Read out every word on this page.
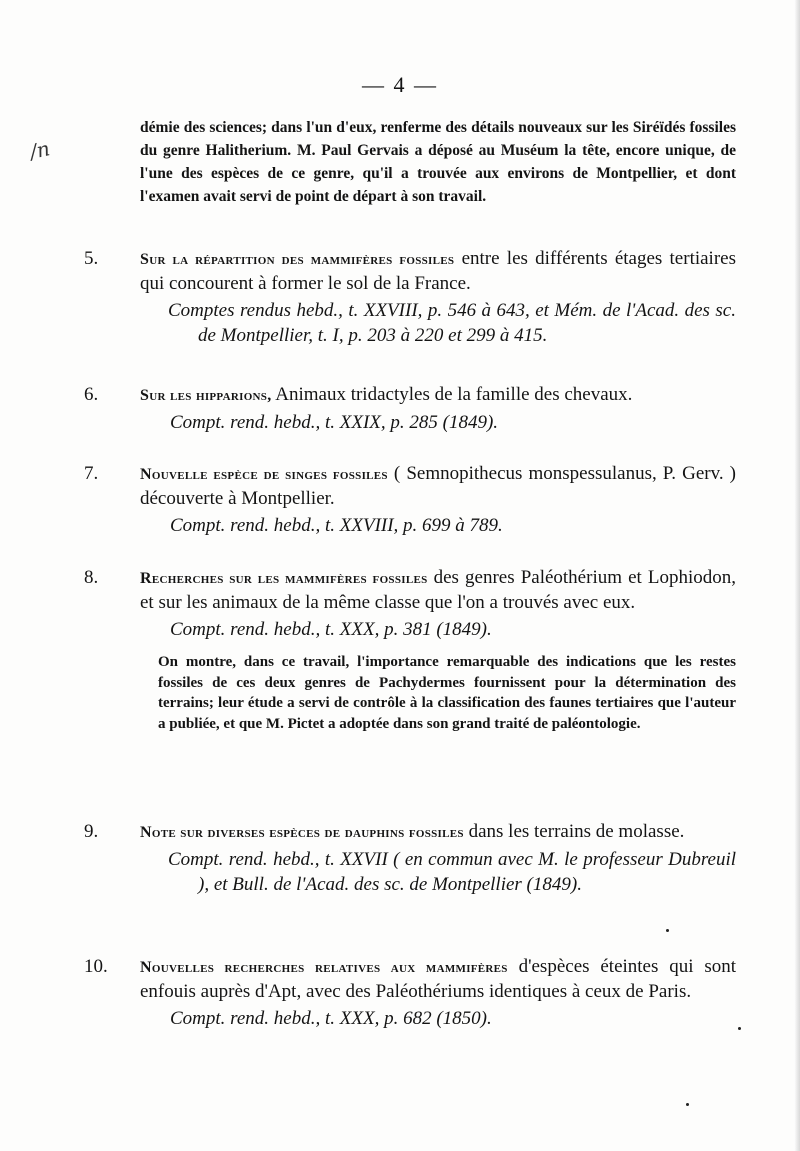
— 4 —
/n
démie des sciences; dans l'un d'eux, renferme des détails nouveaux sur les Siréïdés fossiles du genre Halitherium. M. Paul Gervais a déposé au Muséum la tête, encore unique, de l'une des espèces de ce genre, qu'il a trouvée aux environs de Montpellier, et dont l'examen avait servi de point de départ à son travail.
5.	Sur la répartition des mammifères fossiles entre les différents étages tertiaires qui concourent à former le sol de la France.
Comptes rendus hebd., t. XXVIII, p. 546 à 643, et Mém. de l'Acad. des sc. de Montpellier, t. I, p. 203 à 220 et 299 à 415.
6.	Sur les hipparions, Animaux tridactyles de la famille des chevaux.
Compt. rend. hebd., t. XXIX, p. 285 (1849).
7.	Nouvelle espèce de singes fossiles ( Semnopithecus monspessulanus, P. Gerv. ) découverte à Montpellier.
Compt. rend. hebd., t. XXVIII, p. 699 à 789.
8.	Recherches sur les mammifères fossiles des genres Paléothérium et Lophiodon, et sur les animaux de la même classe que l'on a trouvés avec eux.
Compt. rend. hebd., t. XXX, p. 381 (1849).
On montre, dans ce travail, l'importance remarquable des indications que les restes fossiles de ces deux genres de Pachydermes fournissent pour la détermination des terrains; leur étude a servi de contrôle à la classification des faunes tertiaires que l'auteur a publiée, et que M. Pictet a adoptée dans son grand traité de paléontologie.
9.	Note sur diverses espèces de dauphins fossiles dans les terrains de molasse.
Compt. rend. hebd., t. XXVII ( en commun avec M. le professeur Dubreuil ), et Bull. de l'Acad. des sc. de Montpellier (1849).
10. Nouvelles recherches relatives aux mammifères d'espèces éteintes qui sont enfouis auprès d'Apt, avec des Paléothériums identiques à ceux de Paris.
Compt. rend. hebd., t. XXX, p. 682 (1850).
